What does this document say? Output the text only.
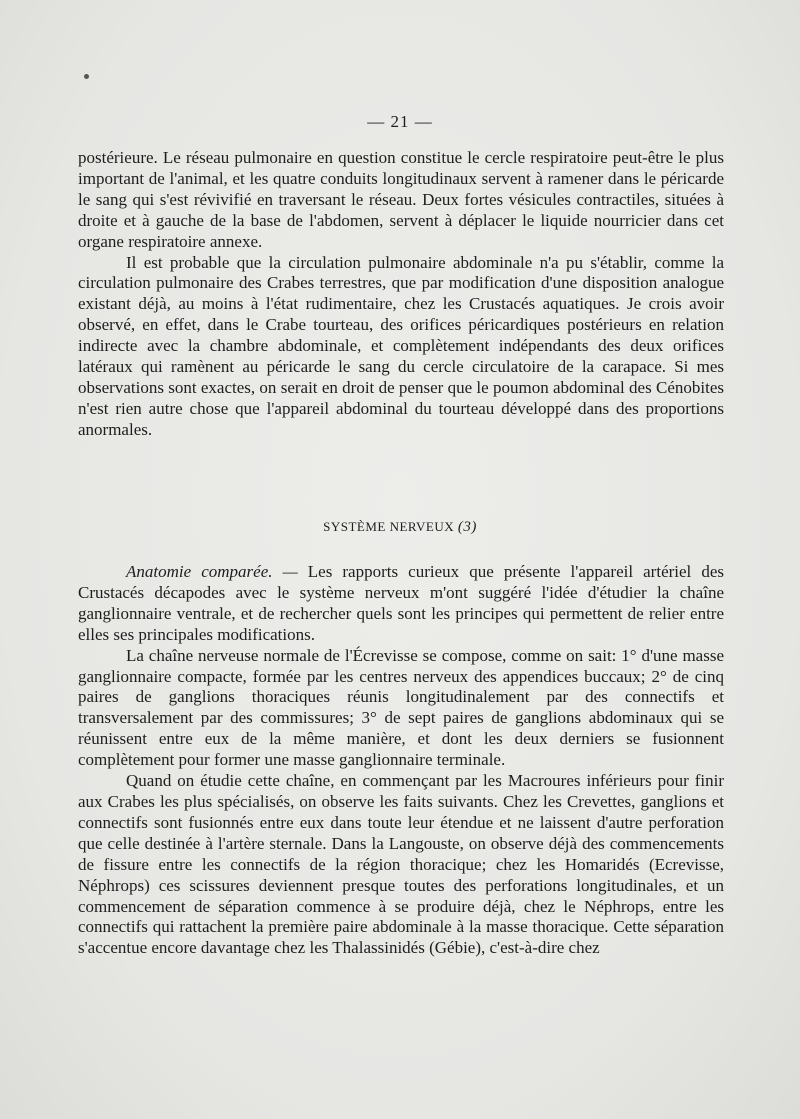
— 21 —

postérieure. Le réseau pulmonaire en question constitue le cercle respiratoire peut-être le plus important de l'animal, et les quatre conduits longitudinaux servent à ramener dans le péricarde le sang qui s'est révivifié en traversant le réseau. Deux fortes vésicules contractiles, situées à droite et à gauche de la base de l'abdomen, servent à déplacer le liquide nourricier dans cet organe respiratoire annexe.

Il est probable que la circulation pulmonaire abdominale n'a pu s'établir, comme la circulation pulmonaire des Crabes terrestres, que par modification d'une disposition analogue existant déjà, au moins à l'état rudimentaire, chez les Crustacés aquatiques. Je crois avoir observé, en effet, dans le Crabe tourteau, des orifices péricardiques postérieurs en relation indirecte avec la chambre abdominale, et complètement indépendants des deux orifices latéraux qui ramènent au péricarde le sang du cercle circulatoire de la carapace. Si mes observations sont exactes, on serait en droit de penser que le poumon abdominal des Cénobites n'est rien autre chose que l'appareil abdominal du tourteau développé dans des proportions anormales.

SYSTÈME NERVEUX (3)

Anatomie comparée. — Les rapports curieux que présente l'appareil artériel des Crustacés décapodes avec le système nerveux m'ont suggéré l'idée d'étudier la chaîne ganglionnaire ventrale, et de rechercher quels sont les principes qui permettent de relier entre elles ses principales modifications.

La chaîne nerveuse normale de l'Écrevisse se compose, comme on sait: 1° d'une masse ganglionnaire compacte, formée par les centres nerveux des appendices buccaux; 2° de cinq paires de ganglions thoraciques réunis longitudinalement par des connectifs et transversalement par des commissures; 3° de sept paires de ganglions abdominaux qui se réunissent entre eux de la même manière, et dont les deux derniers se fusionnent complètement pour former une masse ganglionnaire terminale.

Quand on étudie cette chaîne, en commençant par les Macroures inférieurs pour finir aux Crabes les plus spécialisés, on observe les faits suivants. Chez les Crevettes, ganglions et connectifs sont fusionnés entre eux dans toute leur étendue et ne laissent d'autre perforation que celle destinée à l'artère sternale. Dans la Langouste, on observe déjà des commencements de fissure entre les connectifs de la région thoracique; chez les Homaridés (Ecrevisse, Néphrops) ces scissures deviennent presque toutes des perforations longitudinales, et un commencement de séparation commence à se produire déjà, chez le Néphrops, entre les connectifs qui rattachent la première paire abdominale à la masse thoracique. Cette séparation s'accentue encore davantage chez les Thalassinidés (Gébie), c'est-à-dire chez
